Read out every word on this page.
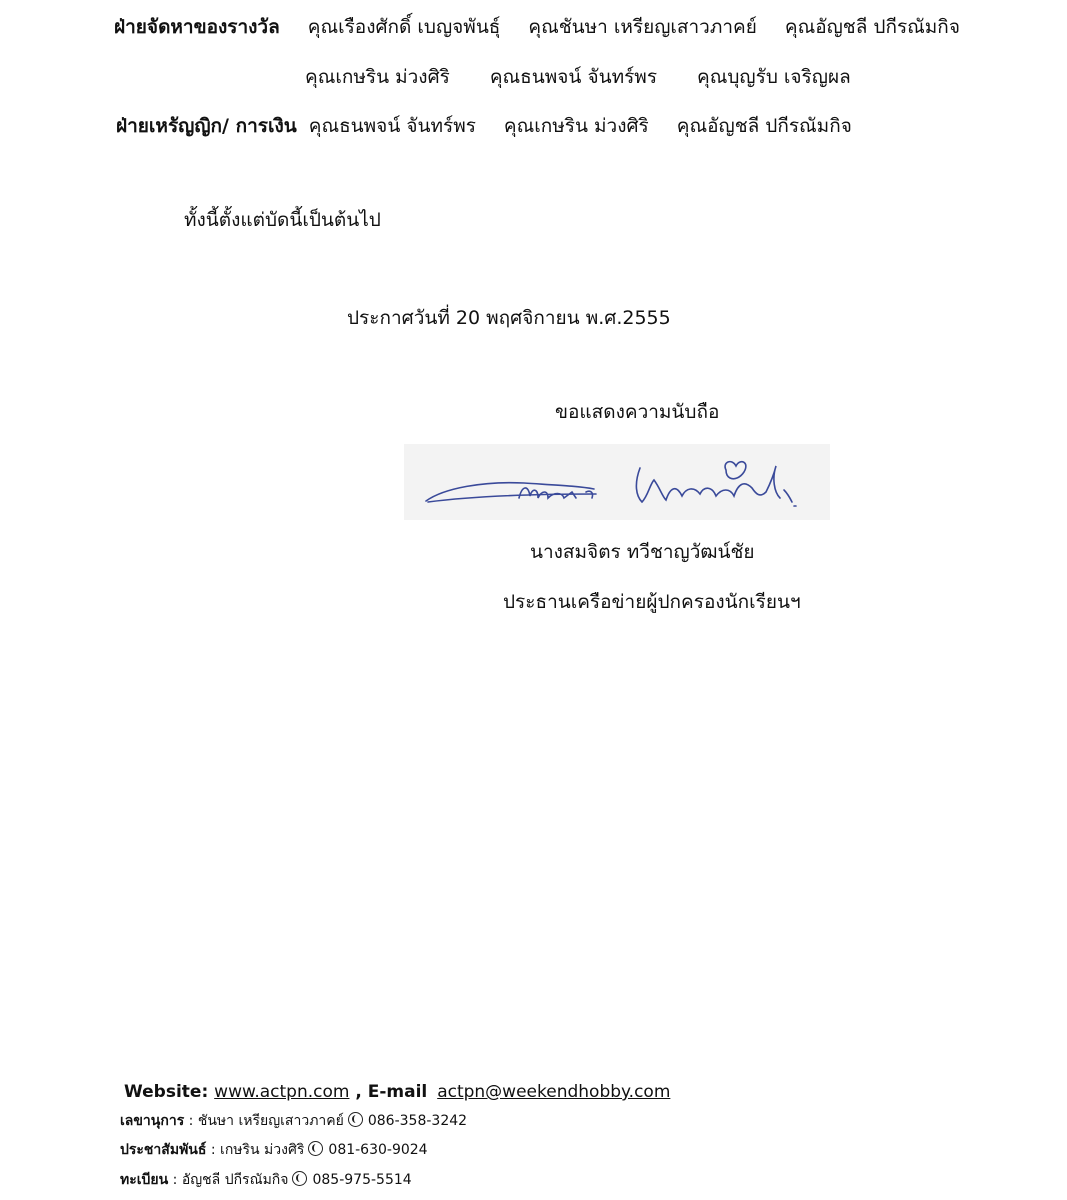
ฝ่ายจัดหาของรางวัล คุณเรืองศักดิ์ เบญจพันธุ์ คุณชันษา เหรียญเสาวภาคย์ คุณอัญชลี ปกีรณัมกิจ
คุณเกษริน ม่วงศิริ คุณธนพจน์ จันทร์พร คุณบุญรับ เจริญผล
ฝ่ายเหรัญญิก/ การเงิน คุณธนพจน์ จันทร์พร คุณเกษริน ม่วงศิริ คุณอัญชลี ปกีรณัมกิจ
ทั้งนี้ตั้งแต่บัดนี้เป็นต้นไป
ประกาศวันที่ 20 พฤศจิกายน พ.ศ.2555
ขอแสดงความนับถือ
นางสมจิตร ทวีชาญวัฒน์ชัย
ประธานเครือข่ายผู้ปกครองนักเรียนฯ
Website: www.actpn.com , E-mail actpn@weekendhobby.com
เลขานุการ : ชันษา เหรียญเสาวภาคย์ 086-358-3242
ประชาสัมพันธ์ : เกษริน ม่วงศิริ 081-630-9024
ทะเบียน : อัญชลี ปกีรณัมกิจ 085-975-5514
